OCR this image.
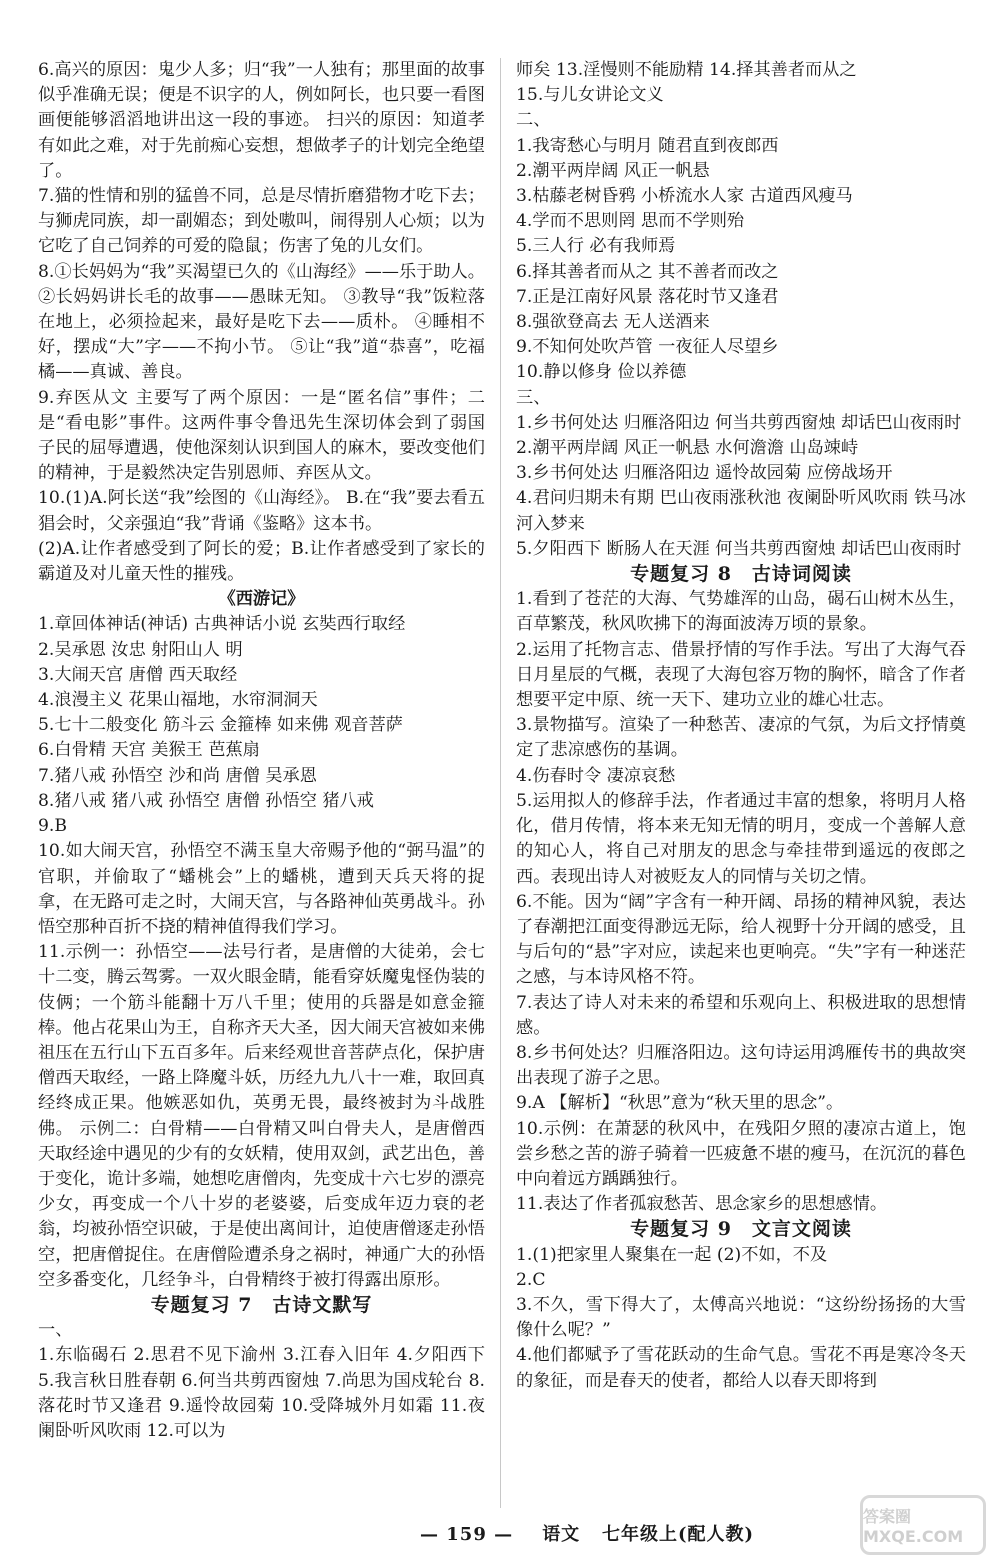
6.高兴的原因：鬼少人多；归“我”一人独有；那里面的故事似乎准确无误；便是不识字的人，例如阿长，也只要一看图画便能够滔滔地讲出这一段的事迹。 扫兴的原因：知道孝有如此之难，对于先前痴心妄想，想做孝子的计划完全绝望了。

7.猫的性情和别的猛兽不同，总是尽情折磨猎物才吃下去；与狮虎同族，却一副媚态；到处嗷叫，闹得别人心烦；以为它吃了自己饲养的可爱的隐鼠；伤害了兔的儿女们。

8.①长妈妈为“我”买渴望已久的《山海经》——乐于助人。 ②长妈妈讲长毛的故事——愚昧无知。 ③教导“我”饭粒落在地上，必须捡起来，最好是吃下去——质朴。 ④睡相不好，摆成“大”字——不拘小节。 ⑤让“我”道“恭喜”，吃福橘——真诚、善良。

9.弃医从文 主要写了两个原因：一是“匿名信”事件；二是“看电影”事件。这两件事令鲁迅先生深切体会到了弱国子民的屈辱遭遇，使他深刻认识到国人的麻木，要改变他们的精神，于是毅然决定告别恩师、弃医从文。

10.(1)A.阿长送“我”绘图的《山海经》。 B.在“我”要去看五猖会时，父亲强迫“我”背诵《鉴略》这本书。

(2)A.让作者感受到了阿长的爱；B.让作者感受到了家长的霸道及对儿童天性的摧残。

《西游记》

1.章回体神话(神话) 古典神话小说 玄奘西行取经

2.吴承恩 汝忠 射阳山人 明

3.大闹天宫 唐僧 西天取经

4.浪漫主义 花果山福地，水帘洞洞天

5.七十二般变化 筋斗云 金箍棒 如来佛 观音菩萨

6.白骨精 天宫 美猴王 芭蕉扇

7.猪八戒 孙悟空 沙和尚 唐僧 吴承恩

8.猪八戒 猪八戒 孙悟空 唐僧 孙悟空 猪八戒

9.B

10.如大闹天宫，孙悟空不满玉皇大帝赐予他的“弼马温”的官职，并偷取了“蟠桃会”上的蟠桃，遭到天兵天将的捉拿，在无路可走之时，大闹天宫，与各路神仙英勇战斗。孙悟空那种百折不挠的精神值得我们学习。

11.示例一：孙悟空——法号行者，是唐僧的大徒弟，会七十二变，腾云驾雾。一双火眼金睛，能看穿妖魔鬼怪伪装的伎俩；一个筋斗能翻十万八千里；使用的兵器是如意金箍棒。他占花果山为王，自称齐天大圣，因大闹天宫被如来佛祖压在五行山下五百多年。后来经观世音菩萨点化，保护唐僧西天取经，一路上降魔斗妖，历经九九八十一难，取回真经终成正果。他嫉恶如仇，英勇无畏，最终被封为斗战胜佛。 示例二：白骨精——白骨精又叫白骨夫人，是唐僧西天取经途中遇见的少有的女妖精，使用双剑，武艺出色，善于变化，诡计多端，她想吃唐僧肉，先变成十六七岁的漂亮少女，再变成一个八十岁的老婆婆，后变成年迈力衰的老翁，均被孙悟空识破，于是使出离间计，迫使唐僧逐走孙悟空，把唐僧捉住。在唐僧险遭杀身之祸时，神通广大的孙悟空多番变化，几经争斗，白骨精终于被打得露出原形。

专题复习 7　古诗文默写

一、

1.东临碣石 2.思君不见下渝州 3.江春入旧年 4.夕阳西下 5.我言秋日胜春朝 6.何当共剪西窗烛 7.尚思为国戍轮台 8.落花时节又逢君 9.遥怜故园菊 10.受降城外月如霜 11.夜阑卧听风吹雨 12.可以为

师矣 13.淫慢则不能励精 14.择其善者而从之

15.与儿女讲论文义

二、

1.我寄愁心与明月 随君直到夜郎西

2.潮平两岸阔 风正一帆悬

3.枯藤老树昏鸦 小桥流水人家 古道西风瘦马

4.学而不思则罔 思而不学则殆

5.三人行 必有我师焉

6.择其善者而从之 其不善者而改之

7.正是江南好风景 落花时节又逢君

8.强欲登高去 无人送酒来

9.不知何处吹芦管 一夜征人尽望乡

10.静以修身 俭以养德

三、

1.乡书何处达 归雁洛阳边 何当共剪西窗烛 却话巴山夜雨时

2.潮平两岸阔 风正一帆悬 水何澹澹 山岛竦峙

3.乡书何处达 归雁洛阳边 遥怜故园菊 应傍战场开

4.君问归期未有期 巴山夜雨涨秋池 夜阑卧听风吹雨 铁马冰河入梦来

5.夕阳西下 断肠人在天涯 何当共剪西窗烛 却话巴山夜雨时

专题复习 8　古诗词阅读

1.看到了苍茫的大海、气势雄浑的山岛，碣石山树木丛生，百草繁茂，秋风吹拂下的海面波涛万顷的景象。

2.运用了托物言志、借景抒情的写作手法。写出了大海气吞日月星辰的气概，表现了大海包容万物的胸怀，暗含了作者想要平定中原、统一天下、建功立业的雄心壮志。

3.景物描写。渲染了一种愁苦、凄凉的气氛，为后文抒情奠定了悲凉感伤的基调。

4.伤春时令 凄凉哀愁

5.运用拟人的修辞手法，作者通过丰富的想象，将明月人格化，借月传情，将本来无知无情的明月，变成一个善解人意的知心人，将自己对朋友的思念与牵挂带到遥远的夜郎之西。表现出诗人对被贬友人的同情与关切之情。

6.不能。因为“阔”字含有一种开阔、昂扬的精神风貌，表达了春潮把江面变得渺远无际，给人视野十分开阔的感受，且与后句的“悬”字对应，读起来也更响亮。“失”字有一种迷茫之感，与本诗风格不符。

7.表达了诗人对未来的希望和乐观向上、积极进取的思想情感。

8.乡书何处达？归雁洛阳边。这句诗运用鸿雁传书的典故突出表现了游子之思。

9.A 【解析】“秋思”意为“秋天里的思念”。

10.示例：在萧瑟的秋风中，在残阳夕照的凄凉古道上，饱尝乡愁之苦的游子骑着一匹疲惫不堪的瘦马，在沉沉的暮色中向着远方踽踽独行。

11.表达了作者孤寂愁苦、思念家乡的思想感情。

专题复习 9　文言文阅读

1.(1)把家里人聚集在一起 (2)不如，不及

2.C

3.不久，雪下得大了，太傅高兴地说：“这纷纷扬扬的大雪像什么呢？”

4.他们都赋予了雪花跃动的生命气息。雪花不再是寒冷冬天的象征，而是春天的使者，都给人以春天即将到

— 159 — 语文 七年级上(配人教)
答案圈 MXQE.COM
